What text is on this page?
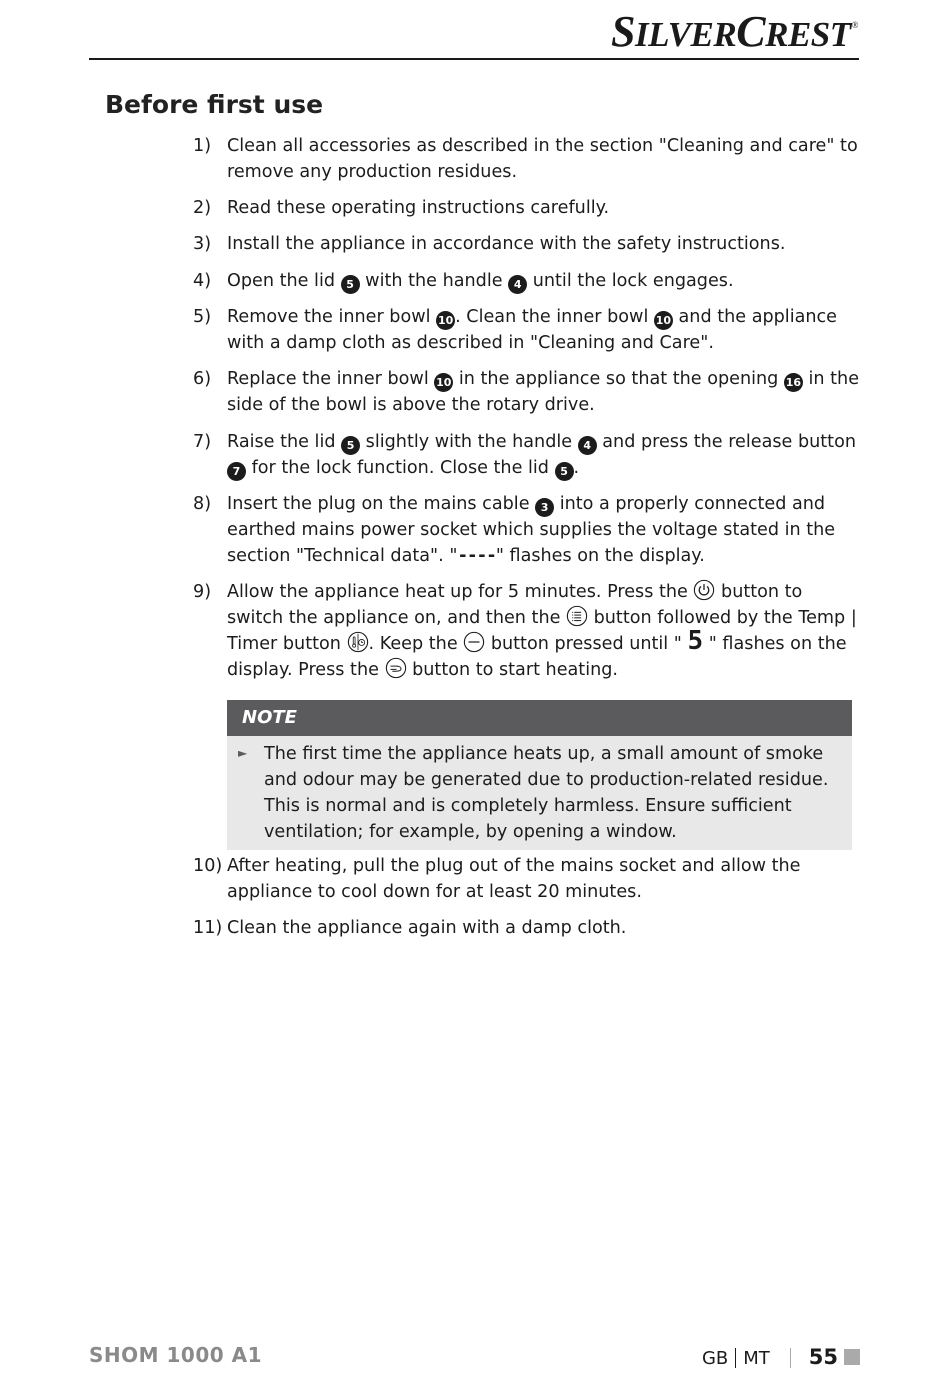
SILVERCREST®
Before first use
1) Clean all accessories as described in the section "Cleaning and care" to remove any production residues.
2) Read these operating instructions carefully.
3) Install the appliance in accordance with the safety instructions.
4) Open the lid 5 with the handle 4 until the lock engages.
5) Remove the inner bowl 10 . Clean the inner bowl 10 and the appliance with a damp cloth as described in "Cleaning and Care".
6) Replace the inner bowl 10 in the appliance so that the opening 16 in the side of the bowl is above the rotary drive.
7) Raise the lid 5 slightly with the handle 4 and press the release button 7 for the lock function. Close the lid 5 .
8) Insert the plug on the mains cable 3 into a properly connected and earthed mains power socket which supplies the voltage stated in the section "Technical data". "----" flashes on the display.
9) Allow the appliance heat up for 5 minutes. Press the
button to switch the appliance on, and then the
button followed by the Temp | Timer button
. Keep the
button pressed until " 5 " flashes on the display. Press the
button to start heating.
NOTE
► The first time the appliance heats up, a small amount of smoke and odour may be generated due to production-related residue. This is normal and is completely harmless. Ensure sufficient ventilation; for example, by opening a window.
10) After heating, pull the plug out of the mains socket and allow the appliance to cool down for at least 20 minutes.
11) Clean the appliance again with a damp cloth.
SHOM 1000 A1	GB MT 55
